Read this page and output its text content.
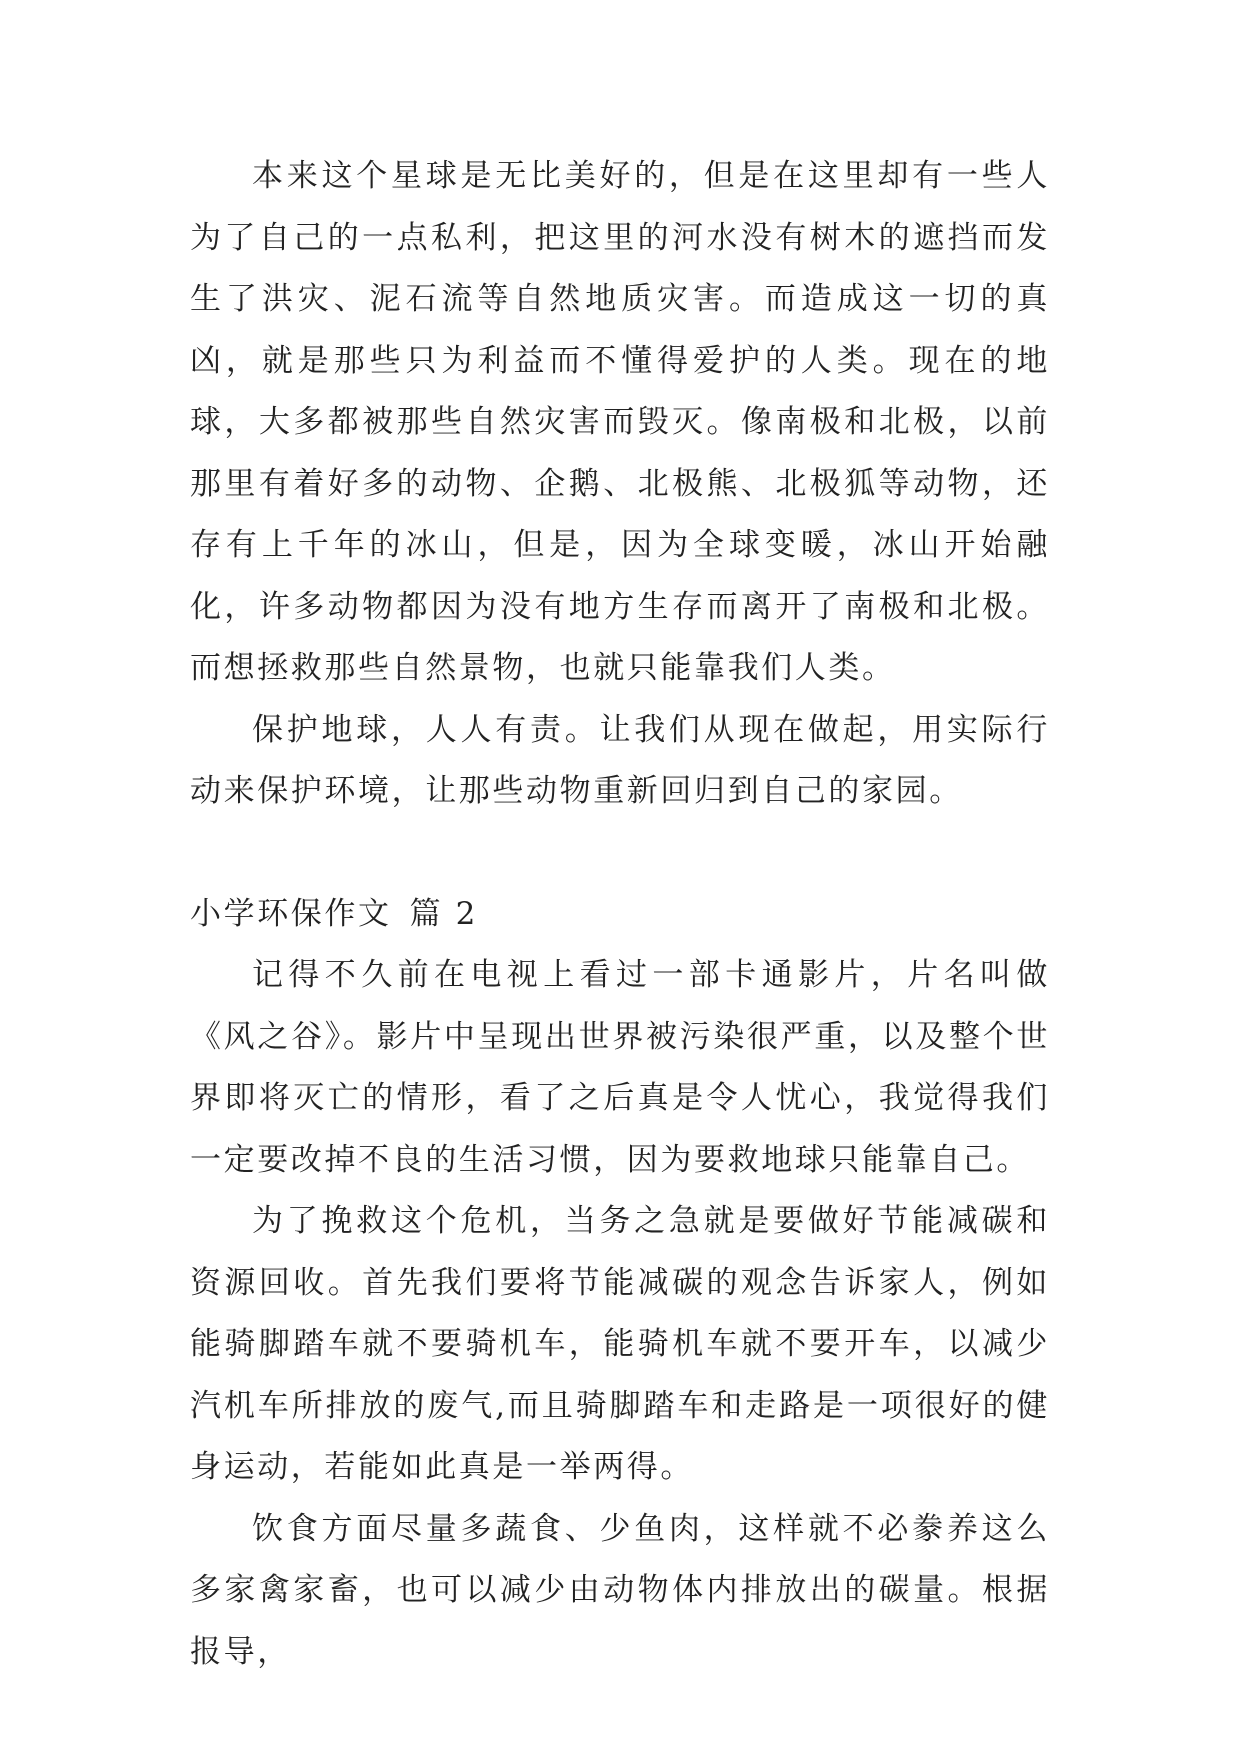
本来这个星球是无比美好的，但是在这里却有一些人为了自己的一点私利，把这里的河水没有树木的遮挡而发生了洪灾、泥石流等自然地质灾害。而造成这一切的真凶，就是那些只为利益而不懂得爱护的人类。现在的地球，大多都被那些自然灾害而毁灭。像南极和北极，以前那里有着好多的动物、企鹅、北极熊、北极狐等动物，还存有上千年的冰山，但是，因为全球变暖，冰山开始融化，许多动物都因为没有地方生存而离开了南极和北极。而想拯救那些自然景物，也就只能靠我们人类。

保护地球，人人有责。让我们从现在做起，用实际行动来保护环境，让那些动物重新回归到自己的家园。

小学环保作文 篇 2

记得不久前在电视上看过一部卡通影片，片名叫做《风之谷》。影片中呈现出世界被污染很严重，以及整个世界即将灭亡的情形，看了之后真是令人忧心，我觉得我们一定要改掉不良的生活习惯，因为要救地球只能靠自己。

为了挽救这个危机，当务之急就是要做好节能减碳和资源回收。首先我们要将节能减碳的观念告诉家人，例如能骑脚踏车就不要骑机车，能骑机车就不要开车，以减少汽机车所排放的废气,而且骑脚踏车和走路是一项很好的健身运动，若能如此真是一举两得。

饮食方面尽量多蔬食、少鱼肉，这样就不必豢养这么多家禽家畜，也可以减少由动物体内排放出的碳量。根据报导，
